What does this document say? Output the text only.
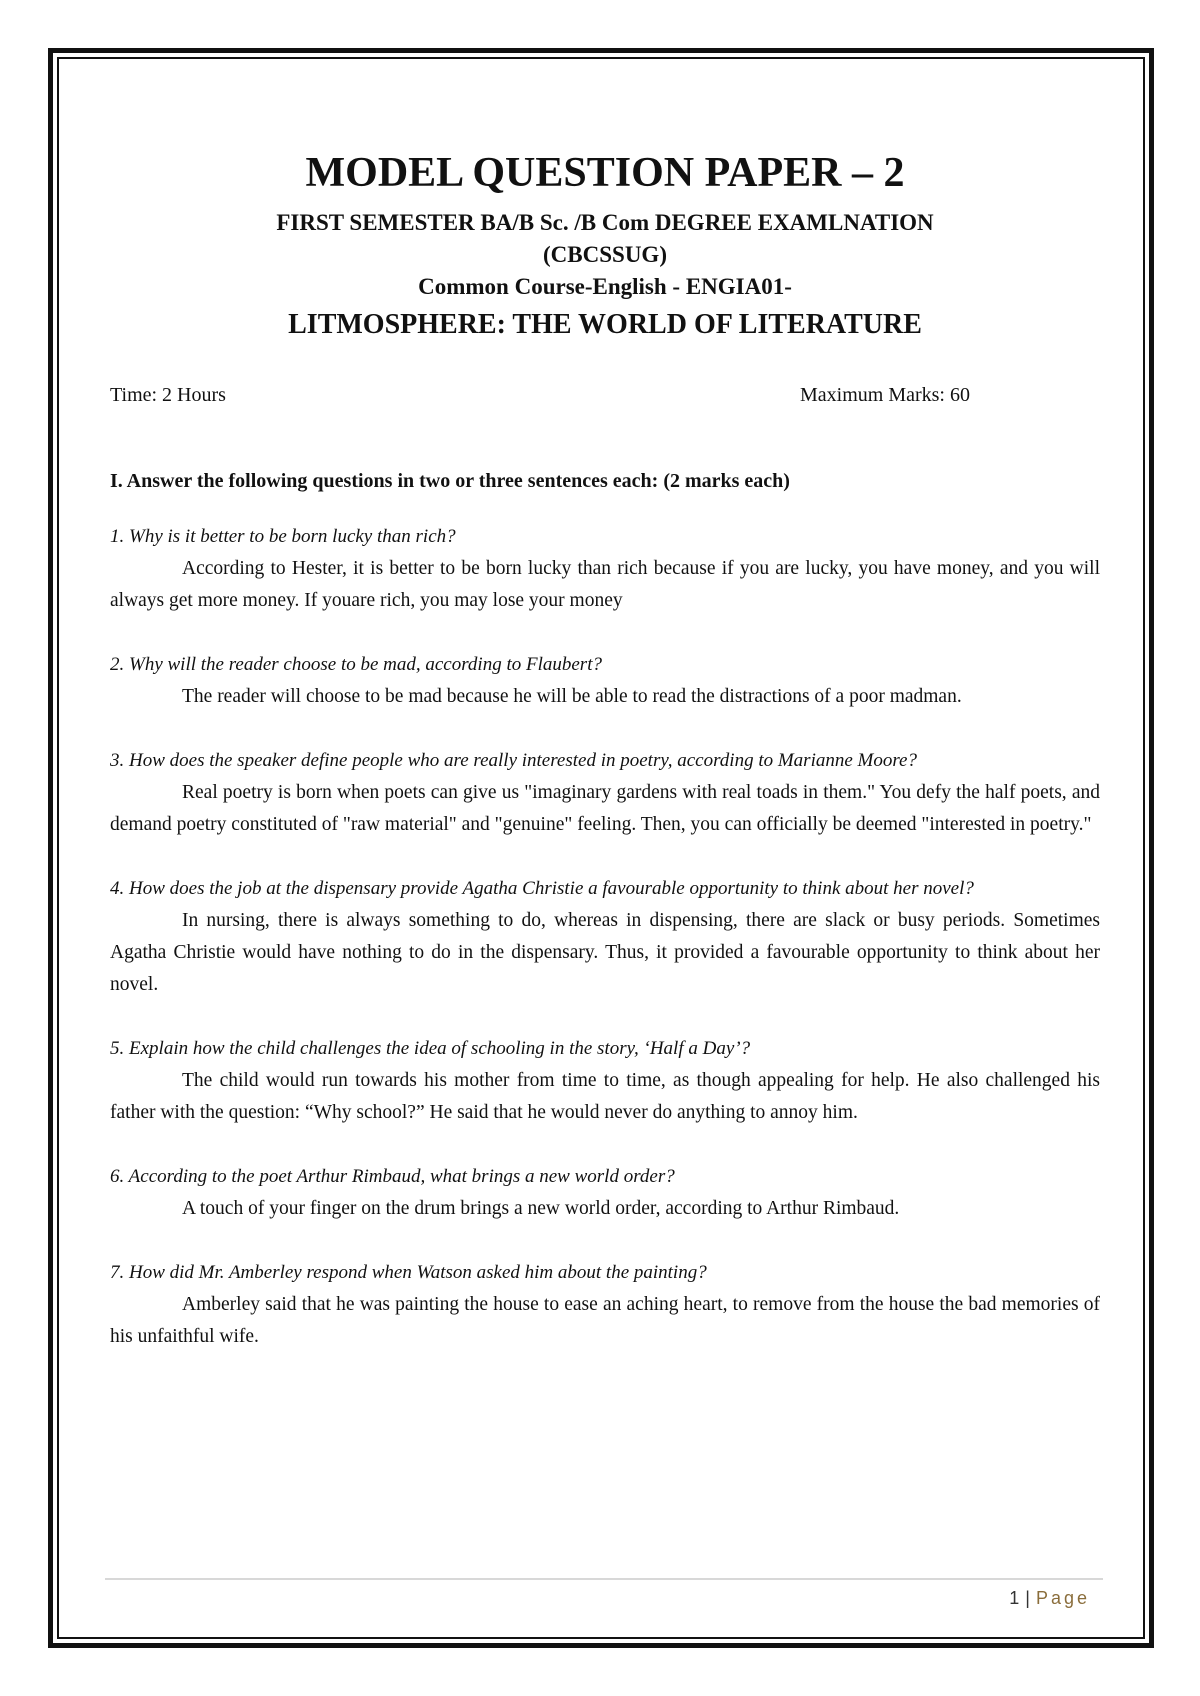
MODEL QUESTION PAPER – 2

FIRST SEMESTER BA/B Sc. /B Com DEGREE EXAMLNATION

(CBCSSUG)

Common Course-English - ENGIA01-

LITMOSPHERE: THE WORLD OF LITERATURE
Time: 2 Hours	Maximum Marks: 60
I. Answer the following questions in two or three sentences each: (2 marks each)
1. Why is it better to be born lucky than rich?
According to Hester, it is better to be born lucky than rich because if you are lucky, you have money, and you will always get more money. If youare rich, you may lose your money
2. Why will the reader choose to be mad, according to Flaubert?
The reader will choose to be mad because he will be able to read the distractions of a poor madman.
3. How does the speaker define people who are really interested in poetry, according to Marianne Moore?
Real poetry is born when poets can give us "imaginary gardens with real toads in them." You defy the half poets, and demand poetry constituted of "raw material" and "genuine" feeling. Then, you can officially be deemed "interested in poetry."
4. How does the job at the dispensary provide Agatha Christie a favourable opportunity to think about her novel?
In nursing, there is always something to do, whereas in dispensing, there are slack or busy periods. Sometimes Agatha Christie would have nothing to do in the dispensary. Thus, it provided a favourable opportunity to think about her novel.
5. Explain how the child challenges the idea of schooling in the story, ‘Half a Day’?
The child would run towards his mother from time to time, as though appealing for help. He also challenged his father with the question: “Why school?” He said that he would never do anything to annoy him.
6. According to the poet Arthur Rimbaud, what brings a new world order?
A touch of your finger on the drum brings a new world order, according to Arthur Rimbaud.
7. How did Mr. Amberley respond when Watson asked him about the painting?
Amberley said that he was painting the house to ease an aching heart, to remove from the house the bad memories of his unfaithful wife.
1 | Page
